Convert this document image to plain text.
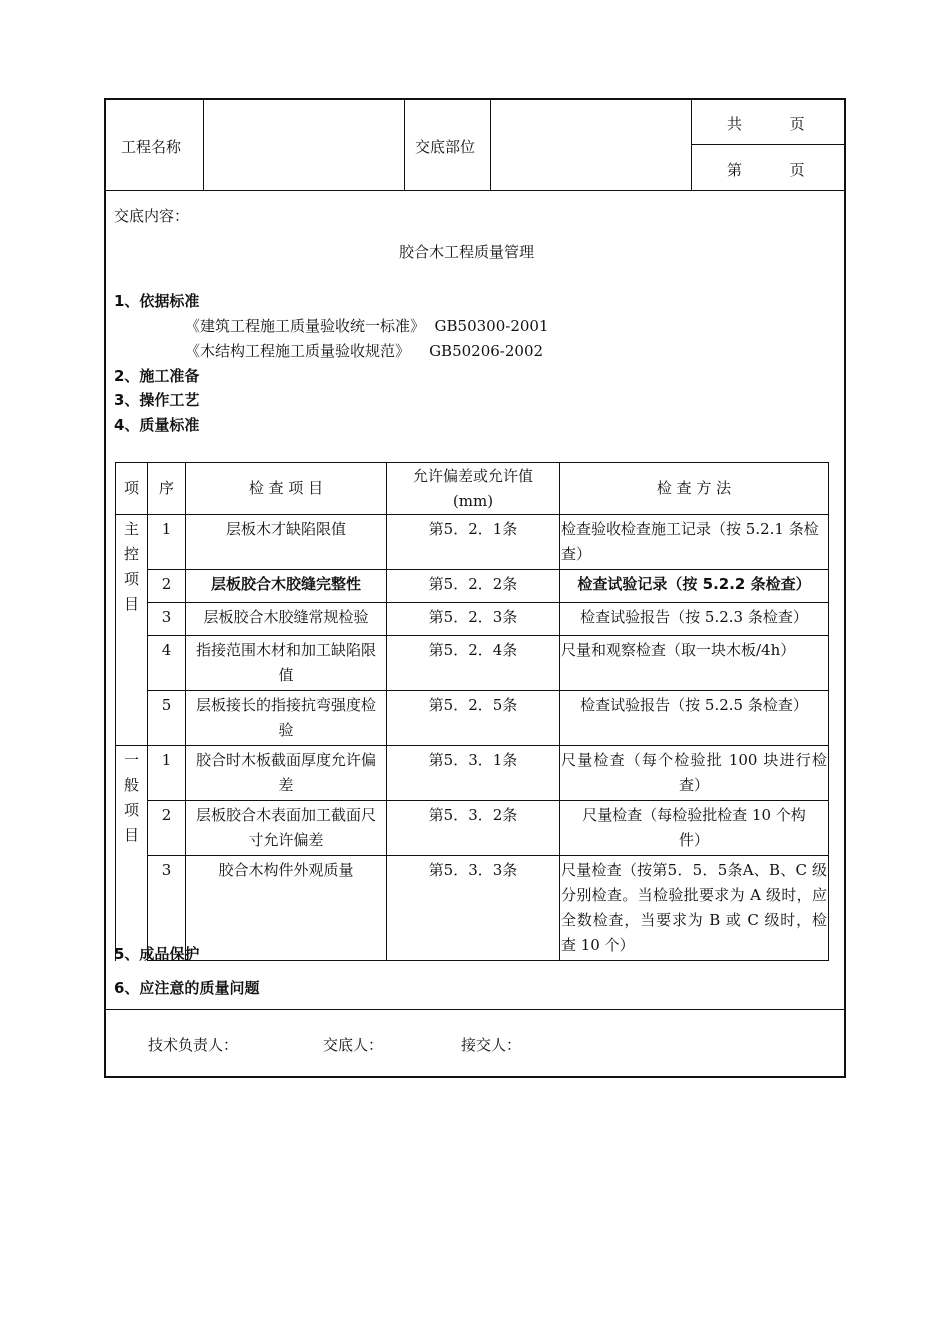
工程名称	交底部位
共          页
第          页
交底内容：
胶合木工程质量管理
1、依据标准
《建筑工程施工质量验收统一标准》  GB50300-2001
《木结构工程施工质量验收规范》    GB50206-2002
2、施工准备
3、操作工艺
4、质量标准
项	序	检 查 项 目	允许偏差或允许值(mm)	检 查 方 法
主控项目	1	层板木才缺陷限值	第5．2．1条	检查验收检查施工记录（按 5.2.1 条检查）
	2	层板胶合木胶缝完整性	第5．2．2条	检查试验记录（按 5.2.2 条检查）
	3	层板胶合木胶缝常规检验	第5．2．3条	检查试验报告（按 5.2.3 条检查）
	4	指接范围木材和加工缺陷限值	第5．2．4条	尺量和观察检查（取一块木板/4h）
	5	层板接长的指接抗弯强度检验	第5．2．5条	检查试验报告（按 5.2.5 条检查）
一般项目	1	胶合时木板截面厚度允许偏差	第5．3．1条	尺量检查（每个检验批 100 块进行检查）
	2	层板胶合木表面加工截面尺寸允许偏差	第5．3．2条	尺量检查（每检验批检查 10 个构件）
	3	胶合木构件外观质量	第5．3．3条	尺量检查（按第5．5．5条A、B、C 级分别检查。当检验批要求为 A 级时，应全数检查，当要求为 B 或 C 级时，检查 10 个）
5、成品保护
6、应注意的质量问题
技术负责人：	交底人：	接交人：
